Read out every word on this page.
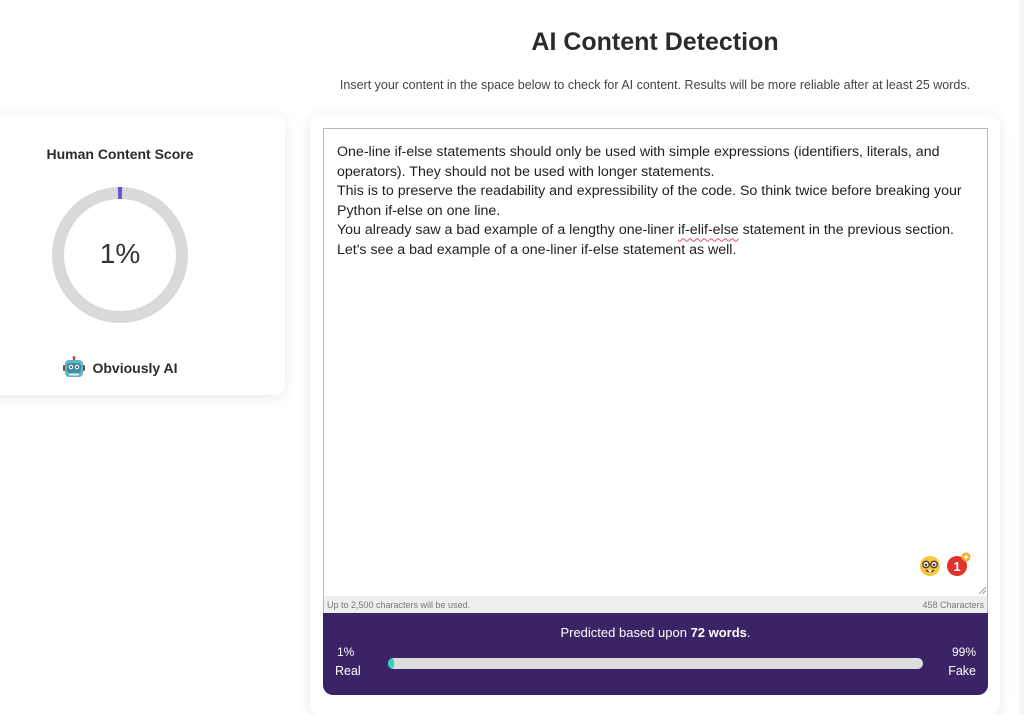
AI Content Detection
Insert your content in the space below to check for AI content. Results will be more reliable after at least 25 words.
Human Content Score
1%
Obviously AI

One-line if-else statements should only be used with simple expressions (identifiers, literals, and operators). They should not be used with longer statements.

This is to preserve the readability and expressibility of the code. So think twice before breaking your Python if-else on one line.

You already saw a bad example of a lengthy one-liner if-elif-else statement in the previous section.

Let's see a bad example of a one-liner if-else statement as well.

1
Up to 2,500 characters will be used.	458 Characters
Predicted based upon 72 words.
1%
Real
99%
Fake
